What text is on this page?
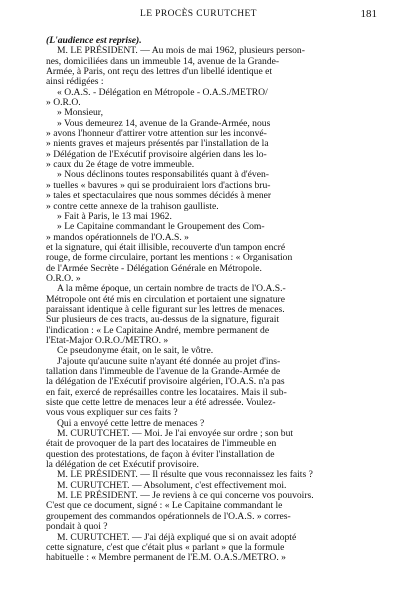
LE PROCÈS CURUTCHET	181
(L'audience est reprise).
M. LE PRÉSIDENT. — Au mois de mai 1962, plusieurs person-
nes, domiciliées dans un immeuble 14, avenue de la Grande-
Armée, à Paris, ont reçu des lettres d'un libellé identique et
ainsi rédigées :
« O.A.S. - Délégation en Métropole - O.A.S./METRO/
» O.R.O.
» Monsieur,
» Vous demeurez 14, avenue de la Grande-Armée, nous
» avons l'honneur d'attirer votre attention sur les inconvé-
» nients graves et majeurs présentés par l'installation de la
» Délégation de l'Exécutif provisoire algérien dans les lo-
» caux du 2e étage de votre immeuble.
» Nous déclinons toutes responsabilités quant à d'éven-
» tuelles « bavures » qui se produiraient lors d'actions bru-
» tales et spectaculaires que nous sommes décidés à mener
» contre cette annexe de la trahison gaulliste.
» Fait à Paris, le 13 mai 1962.
» Le Capitaine commandant le Groupement des Com-
» mandos opérationnels de l'O.A.S. »
et la signature, qui était illisible, recouverte d'un tampon encré
rouge, de forme circulaire, portant les mentions : « Organisation
de l'Armée Secrète - Délégation Générale en Métropole.
O.R.O. »
A la même époque, un certain nombre de tracts de l'O.A.S.-
Métropole ont été mis en circulation et portaient une signature
paraissant identique à celle figurant sur les lettres de menaces.
Sur plusieurs de ces tracts, au-dessus de la signature, figurait
l'indication : « Le Capitaine André, membre permanent de
l'Etat-Major O.R.O./METRO. »
Ce pseudonyme était, on le sait, le vôtre.
J'ajoute qu'aucune suite n'ayant été donnée au projet d'ins-
tallation dans l'immeuble de l'avenue de la Grande-Armée de
la délégation de l'Exécutif provisoire algérien, l'O.A.S. n'a pas
en fait, exercé de représailles contre les locataires. Mais il sub-
siste que cette lettre de menaces leur a été adressée. Voulez-
vous vous expliquer sur ces faits ?
Qui a envoyé cette lettre de menaces ?
M. CURUTCHET. — Moi. Je l'ai envoyée sur ordre ; son but
était de provoquer de la part des locataires de l'immeuble en
question des protestations, de façon à éviter l'installation de
la délégation de cet Exécutif provisoire.
M. LE PRÉSIDENT. — Il résulte que vous reconnaissez les faits ?
M. CURUTCHET. — Absolument, c'est effectivement moi.
M. LE PRÉSIDENT. — Je reviens à ce qui concerne vos pouvoirs.
C'est que ce document, signé : « Le Capitaine commandant le
groupement des commandos opérationnels de l'O.A.S. » corres-
pondait à quoi ?
M. CURUTCHET. — J'ai déjà expliqué que si on avait adopté
cette signature, c'est que c'était plus « parlant » que la formule
habituelle : « Membre permanent de l'E.M. O.A.S./METRO. »
